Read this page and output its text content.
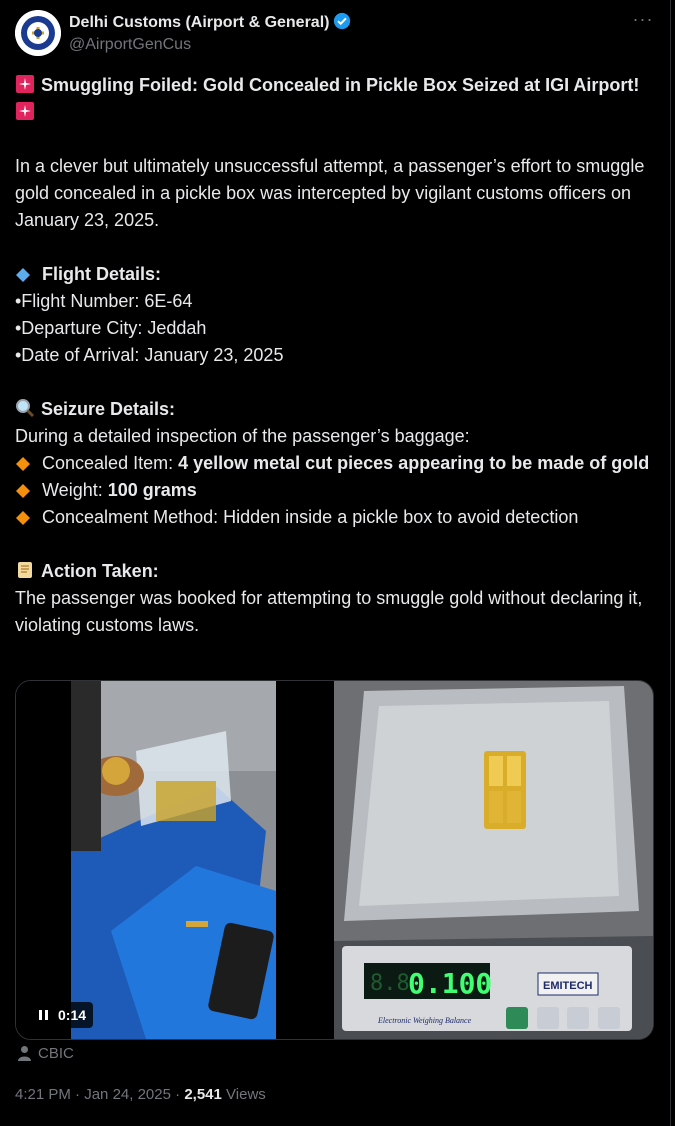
Delhi Customs (Airport & General)
@AirportGenCus
···

Smuggling Foiled: Gold Concealed in Pickle Box Seized at IGI Airport!

In a clever but ultimately unsuccessful attempt, a passenger’s effort to smuggle gold concealed in a pickle box was intercepted by vigilant customs officers on January 23, 2025.

Flight Details:

•Flight Number: 6E-64

•Departure City: Jeddah

•Date of Arrival: January 23, 2025

Seizure Details:

During a detailed inspection of the passenger’s baggage:

Concealed Item: 4 yellow metal cut pieces appearing to be made of gold

Weight: 100 grams

Concealment Method: Hidden inside a pickle box to avoid detection

Action Taken:

The passenger was booked for attempting to smuggle gold without declaring it, violating customs laws.

0:14
8.8
0.100	EMITECH
Electronic Weighing Balance
CBIC
4:21 PM · Jan 24, 2025 · 2,541 Views
